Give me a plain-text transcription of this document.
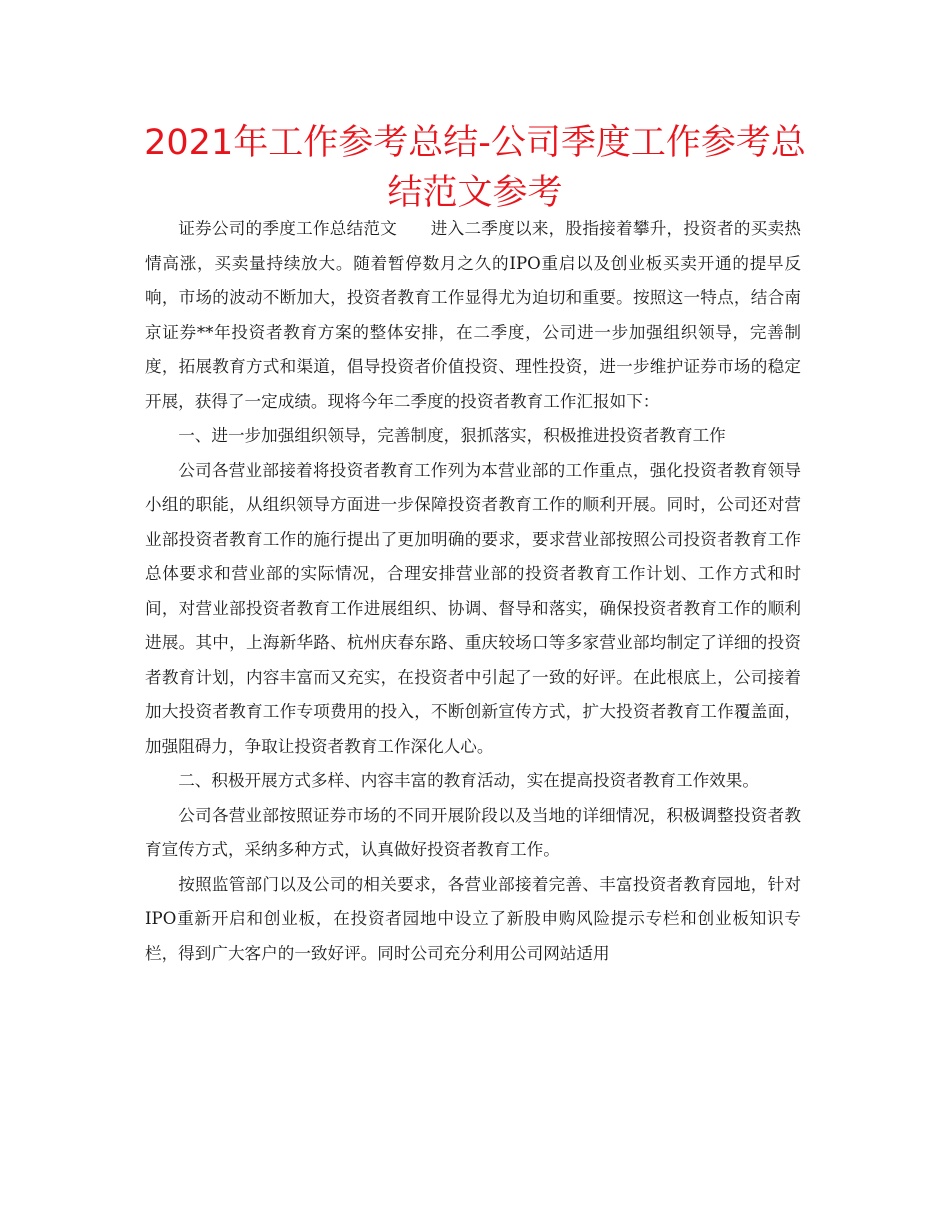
2021年工作参考总结-公司季度工作参考总结范文参考

证券公司的季度工作总结范文　　进入二季度以来，股指接着攀升，投资者的买卖热情高涨，买卖量持续放大。随着暂停数月之久的IPO重启以及创业板买卖开通的提早反响，市场的波动不断加大，投资者教育工作显得尤为迫切和重要。按照这一特点，结合南京证券**年投资者教育方案的整体安排，在二季度，公司进一步加强组织领导，完善制度，拓展教育方式和渠道，倡导投资者价值投资、理性投资，进一步维护证券市场的稳定开展，获得了一定成绩。现将今年二季度的投资者教育工作汇报如下：

一、进一步加强组织领导，完善制度，狠抓落实，积极推进投资者教育工作

公司各营业部接着将投资者教育工作列为本营业部的工作重点，强化投资者教育领导小组的职能，从组织领导方面进一步保障投资者教育工作的顺利开展。同时，公司还对营业部投资者教育工作的施行提出了更加明确的要求，要求营业部按照公司投资者教育工作总体要求和营业部的实际情况，合理安排营业部的投资者教育工作计划、工作方式和时间，对营业部投资者教育工作进展组织、协调、督导和落实，确保投资者教育工作的顺利进展。其中，上海新华路、杭州庆春东路、重庆较场口等多家营业部均制定了详细的投资者教育计划，内容丰富而又充实，在投资者中引起了一致的好评。在此根底上，公司接着加大投资者教育工作专项费用的投入，不断创新宣传方式，扩大投资者教育工作覆盖面，加强阻碍力，争取让投资者教育工作深化人心。

二、积极开展方式多样、内容丰富的教育活动，实在提高投资者教育工作效果。

公司各营业部按照证券市场的不同开展阶段以及当地的详细情况，积极调整投资者教育宣传方式，采纳多种方式，认真做好投资者教育工作。

按照监管部门以及公司的相关要求，各营业部接着完善、丰富投资者教育园地，针对IPO重新开启和创业板，在投资者园地中设立了新股申购风险提示专栏和创业板知识专栏，得到广大客户的一致好评。同时公司充分利用公司网站适用
